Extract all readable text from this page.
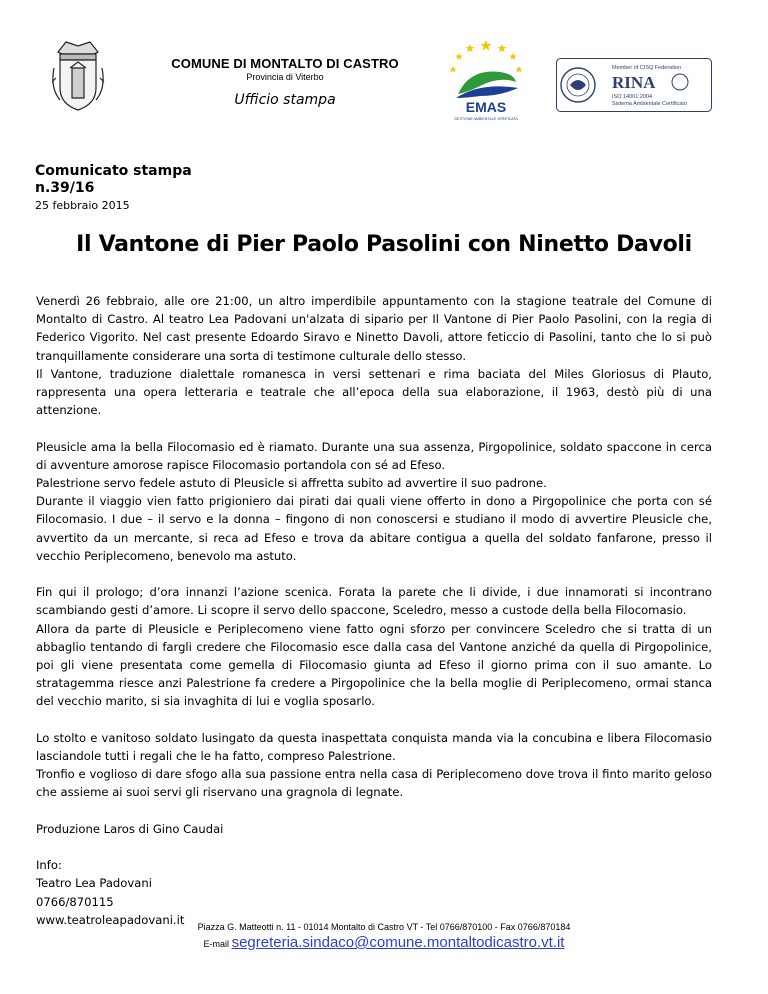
COMUNE DI MONTALTO DI CASTRO
Provincia di Viterbo
Ufficio stampa	EMAS
GESTIONE AMBIENTALE VERIFICATA
Member of CISQ Federation
RINA
ISO 14001:2004
Sistema Ambientale Certificato
Comunicato stampa
n.39/16
25 febbraio 2015
Il Vantone di Pier Paolo Pasolini con Ninetto Davoli

Venerdì 26 febbraio, alle ore 21:00, un altro imperdibile appuntamento con la stagione teatrale del Comune di Montalto di Castro. Al teatro Lea Padovani un'alzata di sipario per Il Vantone di Pier Paolo Pasolini, con la regia di Federico Vigorito. Nel cast presente Edoardo Siravo e Ninetto Davoli, attore feticcio di Pasolini, tanto che lo si può tranquillamente considerare una sorta di testimone culturale dello stesso.
Il Vantone, traduzione dialettale romanesca in versi settenari e rima baciata del Miles Gloriosus di Plauto, rappresenta una opera letteraria e teatrale che all’epoca della sua elaborazione, il 1963, destò più di una attenzione.

Pleusicle ama la bella Filocomasio ed è riamato. Durante una sua assenza, Pirgopolinice, soldato spaccone in cerca di avventure amorose rapisce Filocomasio portandola con sé ad Efeso.
Palestrione servo fedele astuto di Pleusicle si affretta subito ad avvertire il suo padrone.
Durante il viaggio vien fatto prigioniero dai pirati dai quali viene offerto in dono a Pirgopolinice che porta con sé Filocomasio. I due – il servo e la donna – fingono di non conoscersi e studiano il modo di avvertire Pleusicle che, avvertito da un mercante, si reca ad Efeso e trova da abitare contigua a quella del soldato fanfarone, presso il vecchio Periplecomeno, benevolo ma astuto.

Fin qui il prologo; d’ora innanzi l’azione scenica. Forata la parete che li divide, i due innamorati si incontrano scambiando gesti d’amore. Li scopre il servo dello spaccone, Sceledro, messo a custode della bella Filocomasio.
Allora da parte di Pleusicle e Periplecomeno viene fatto ogni sforzo per convincere Sceledro che si tratta di un abbaglio tentando di fargli credere che Filocomasio esce dalla casa del Vantone anziché da quella di Pirgopolinice, poi gli viene presentata come gemella di Filocomasio giunta ad Efeso il giorno prima con il suo amante. Lo stratagemma riesce anzi Palestrione fa credere a Pirgopolinice che la bella moglie di Periplecomeno, ormai stanca del vecchio marito, si sia invaghita di lui e voglia sposarlo.

Lo stolto e vanitoso soldato lusingato da questa inaspettata conquista manda via la concubina e libera Filocomasio lasciandole tutti i regali che le ha fatto, compreso Palestrione.
Tronfio e voglioso di dare sfogo alla sua passione entra nella casa di Periplecomeno dove trova il finto marito geloso che assieme ai suoi servi gli riservano una gragnola di legnate.

Produzione Laros di Gino Caudai

Info:
Teatro Lea Padovani
0766/870115
www.teatroleapadovani.it

Piazza G. Matteotti n. 11 - 01014 Montalto di Castro VT - Tel 0766/870100 - Fax 0766/870184
E-mail segreteria.sindaco@comune.montaltodicastro.vt.it
